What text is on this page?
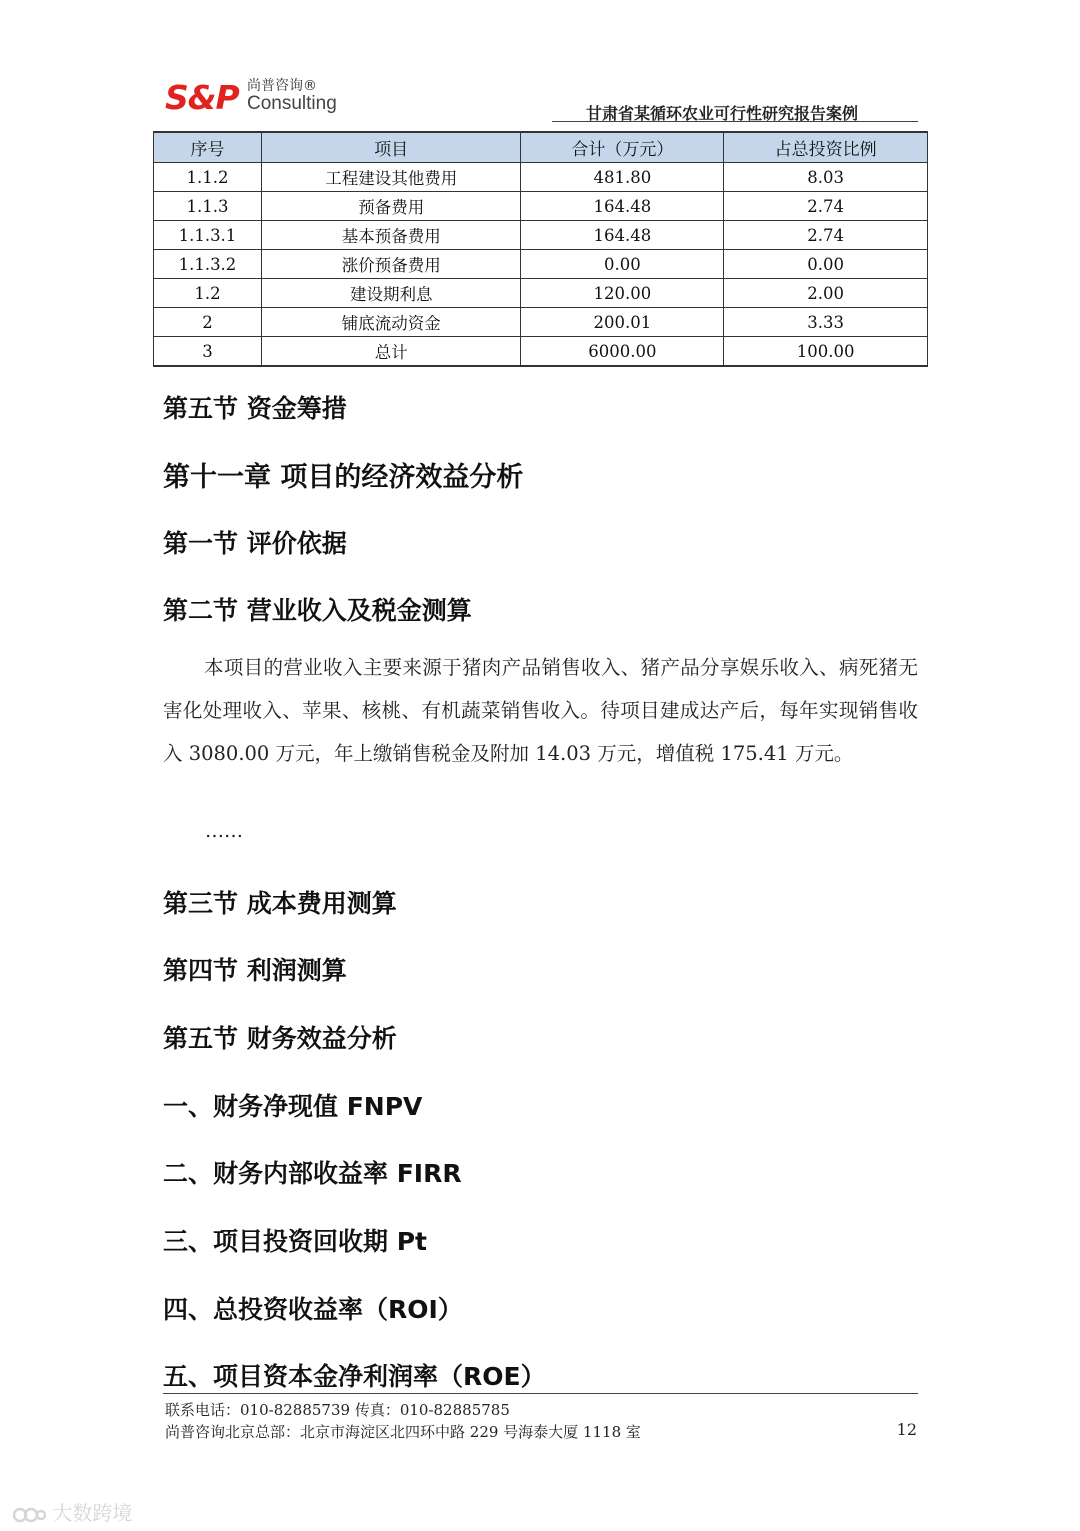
S&P 尚普咨询®
Consulting	甘肃省某循环农业可行性研究报告案例
序号	项目	合计（万元）	占总投资比例
1.1.2	工程建设其他费用	481.80	8.03
1.1.3	预备费用	164.48	2.74
1.1.3.1	基本预备费用	164.48	2.74
1.1.3.2	涨价预备费用	0.00	0.00
1.2	建设期利息	120.00	2.00
2	铺底流动资金	200.01	3.33
3	总计	6000.00	100.00
第五节 资金筹措
第十一章 项目的经济效益分析
第一节 评价依据
第二节 营业收入及税金测算
本项目的营业收入主要来源于猪肉产品销售收入、猪产品分享娱乐收入、病死猪无害化处理收入、苹果、核桃、有机蔬菜销售收入。待项目建成达产后，每年实现销售收入 3080.00 万元，年上缴销售税金及附加 14.03 万元，增值税 175.41 万元。
……
第三节 成本费用测算
第四节 利润测算
第五节 财务效益分析
一、财务净现值 FNPV
二、财务内部收益率 FIRR
三、项目投资回收期 Pt
四、总投资收益率（ROI）
五、项目资本金净利润率（ROE）
联系电话：010-82885739 传真：010-82885785
尚普咨询北京总部：北京市海淀区北四环中路 229 号海泰大厦 1118 室	12
大数跨境
